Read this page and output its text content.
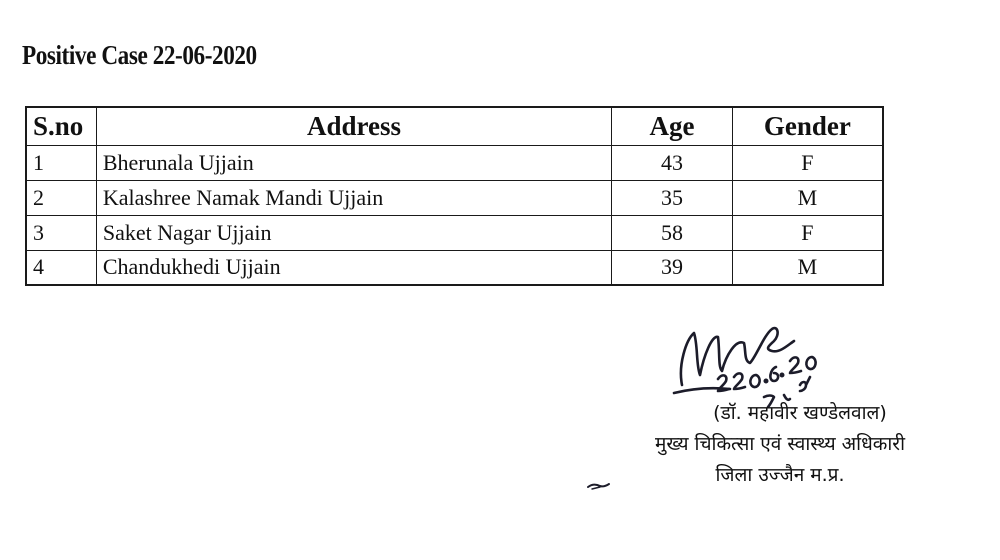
Positive Case 22-06-2020
S.no	Address	Age	Gender
1	Bherunala Ujjain	43	F
2	Kalashree Namak Mandi Ujjain	35	M
3	Saket Nagar Ujjain	58	F
4	Chandukhedi Ujjain	39	M
(डॉ. महावीर खण्डेलवाल)
मुख्य चिकित्सा एवं स्वास्थ्य अधिकारी
जिला उज्जैन म.प्र.
